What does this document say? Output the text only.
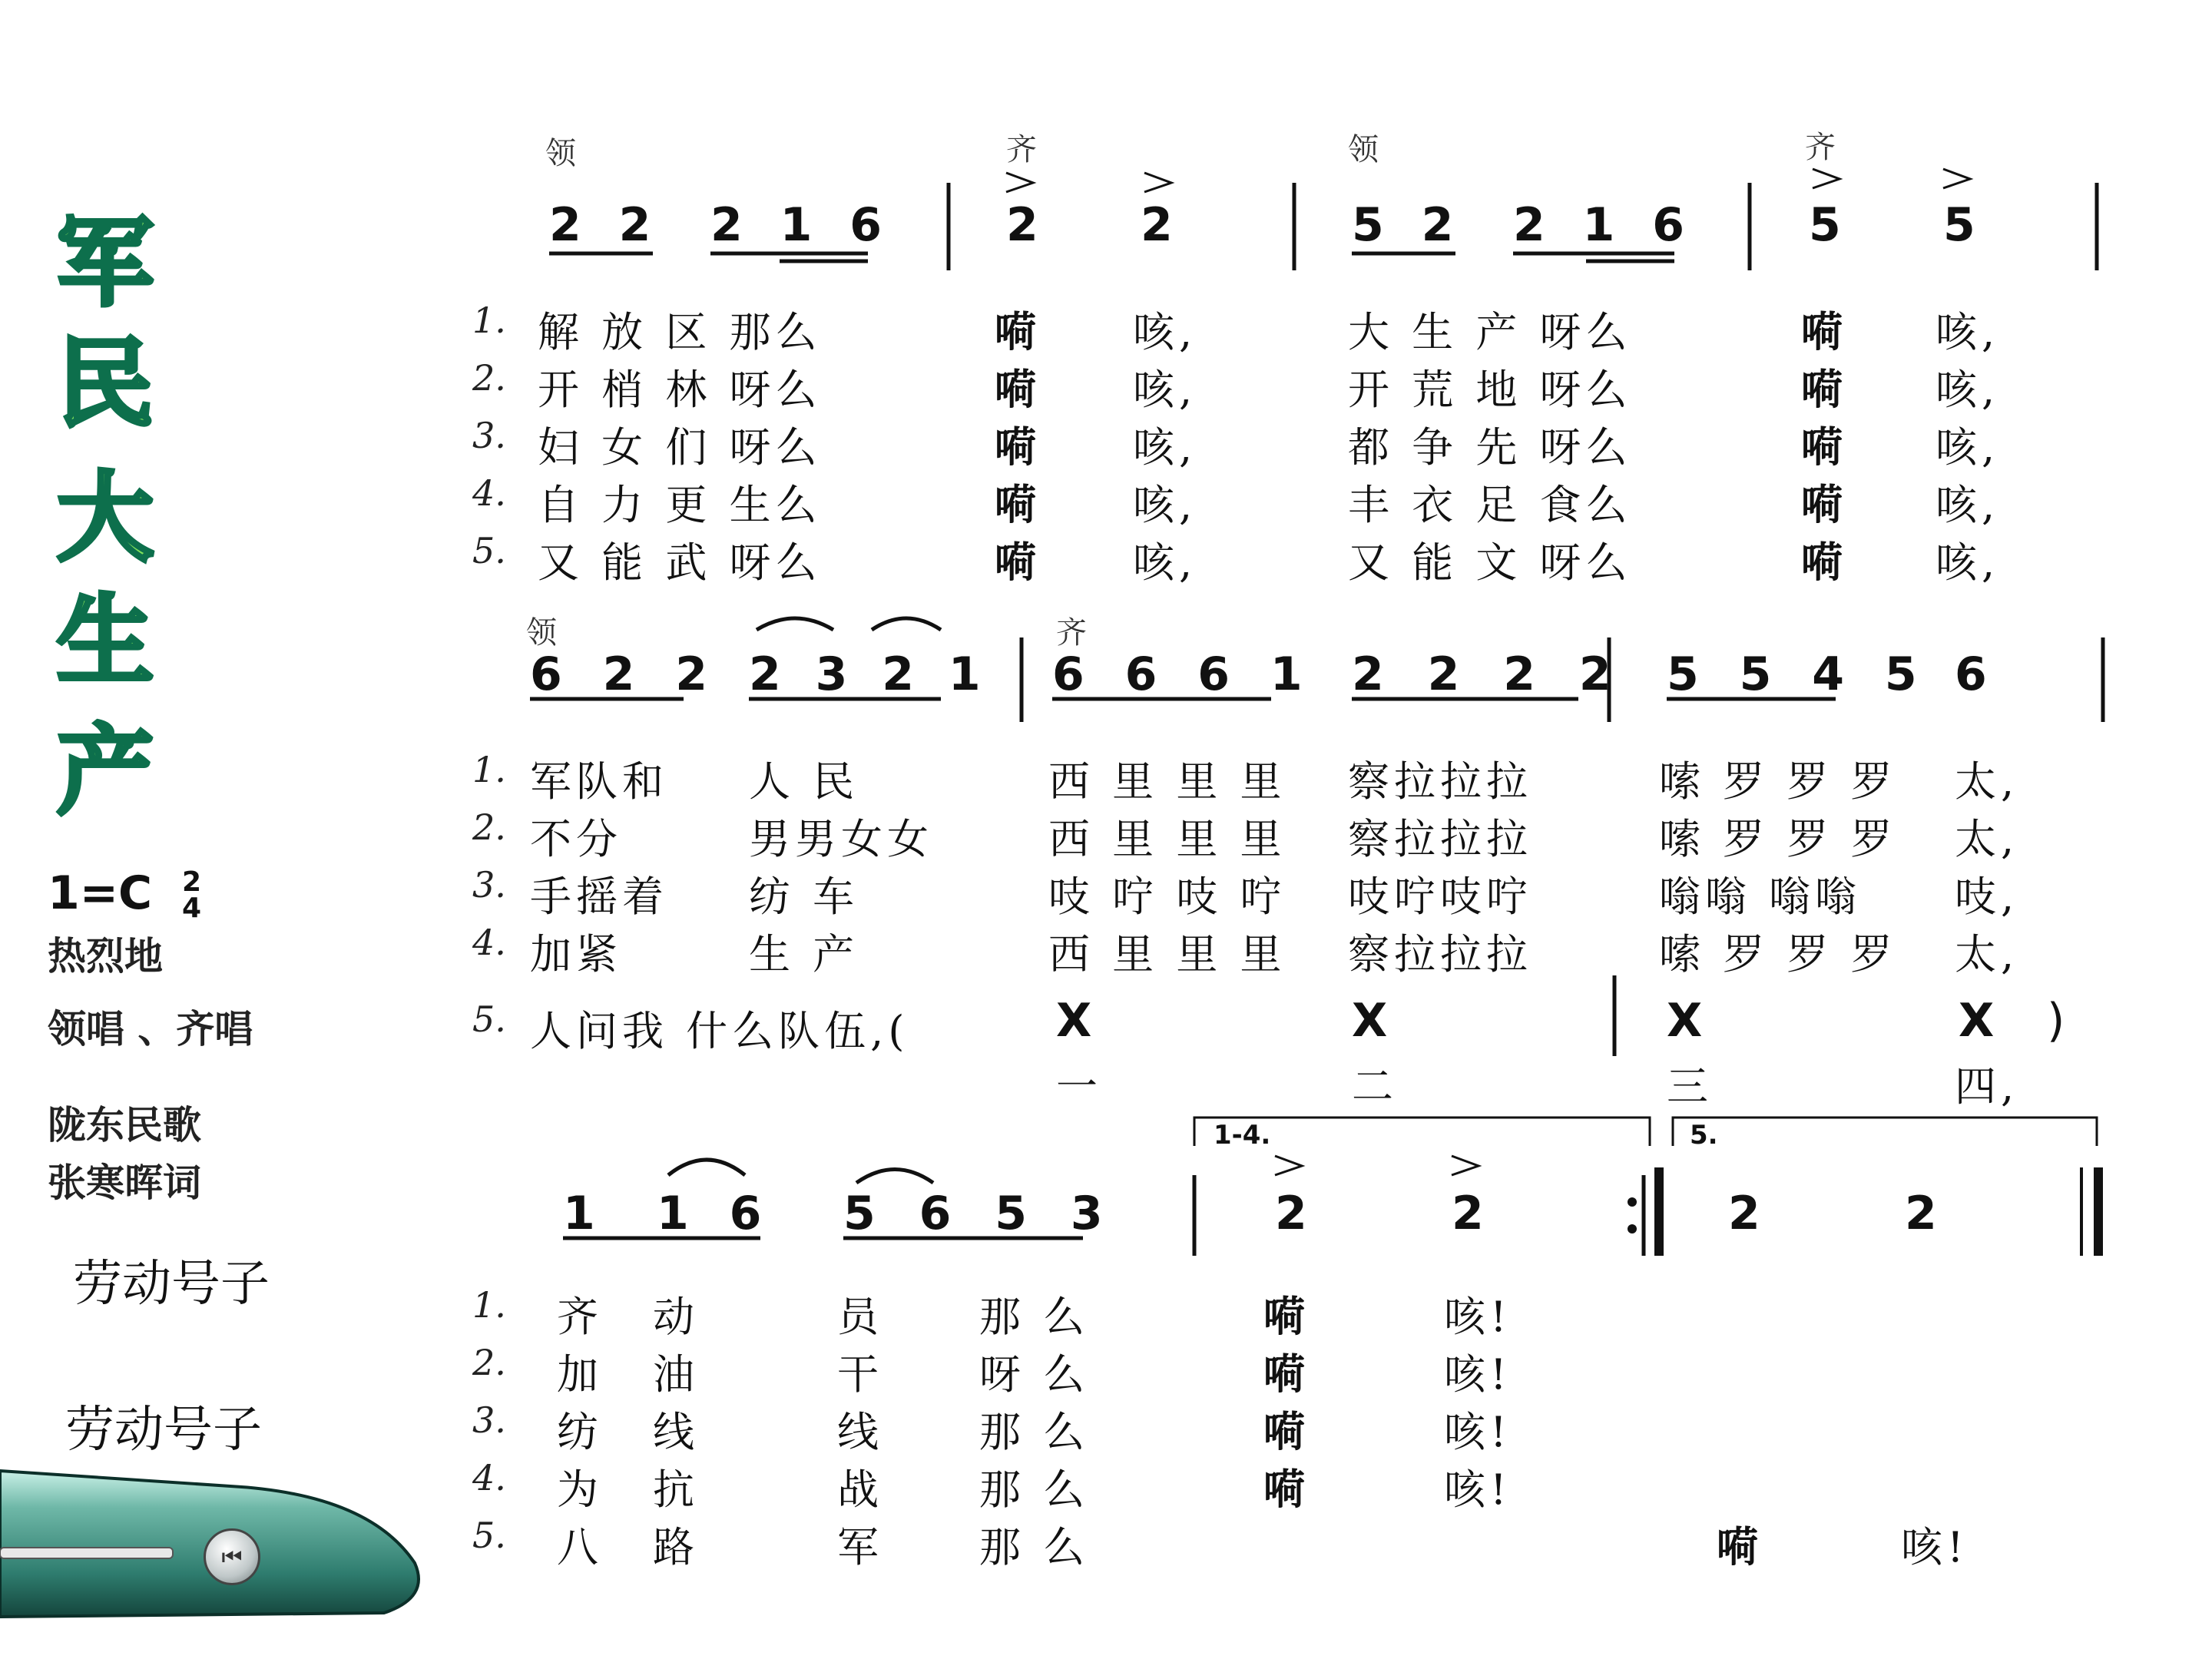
军
民
大
生
产
1=C 2
4
热烈地
领唱 、齐唱
陇东民歌
张寒晖词
劳动号子
劳动号子
⏮
领	齐	领	齐
2 2 2 1 6 2 2	5 2 2 1 6 5 5
1. 解 放 区 那么	嗬 咳,	大 生 产 呀么	嗬 咳,
2. 开 梢 林 呀么	嗬 咳,	开 荒 地 呀么	嗬 咳,
3. 妇 女 们 呀么	嗬 咳,	都 争 先 呀么	嗬 咳,
4. 自 力 更 生么	嗬 咳,	丰 衣 足 食么	嗬 咳,
5. 又 能 武 呀么	嗬 咳,	又 能 文 呀么	嗬 咳,
领	齐
6 2 2 2 3 2 1 6 6 6 1 2 2 2 2 5 5 4 5 6
1. 军队和 人 民	西 里 里 里 察拉拉拉	嗦 罗 罗 罗 太,
2. 不分	男男女女	西 里 里 里 察拉拉拉	嗦 罗 罗 罗 太,
3. 手摇着 纺 车	吱 咛 吱 咛 吱咛吱咛	嗡嗡 嗡嗡 吱,
4. 加紧	生 产	西 里 里 里 察拉拉拉	嗦 罗 罗 罗 太,
5. 人问我 什么队伍,(	X	X	X	X )
一	二	三	四,
1-4.	5.
1 1 6 5 6 5 3	2	2	2	2
1. 齐 动	员 那 么	嗬	咳!
2. 加 油	干 呀 么	嗬	咳!
3. 纺 线	线 那 么	嗬	咳!
4. 为 抗	战 那 么	嗬	咳!
5. 八 路	军 那 么	嗬	咳!
